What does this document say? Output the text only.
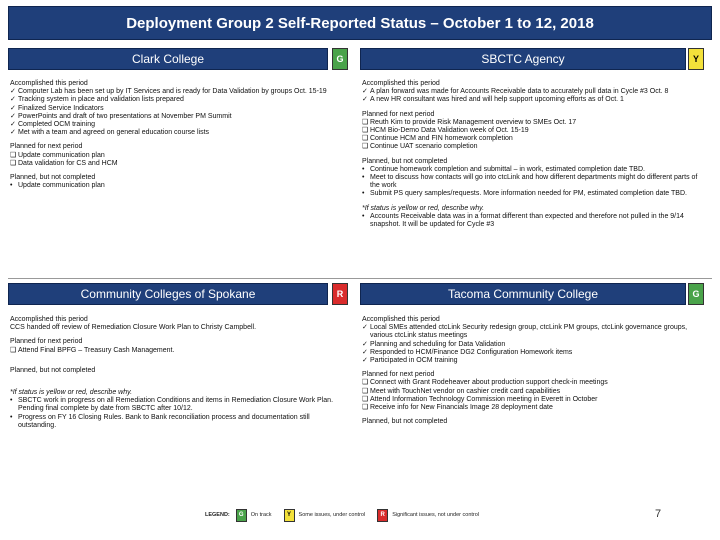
Deployment Group 2 Self-Reported Status – October 1 to 12, 2018
Clark College	G

Accomplished this period

✓ Computer Lab has been set up by IT Services and is ready for Data Validation by groups Oct. 15-19
✓ Tracking system in place and validation lists prepared
✓ Finalized Service Indicators
✓ PowerPoints and draft of two presentations at November PM Summit
✓ Completed OCM training
✓ Met with a team and agreed on general education course lists

Planned for next period

❑ Update communication plan
❑ Data validation for CS and HCM

Planned, but not completed

• Update communication plan
SBCTC Agency	Y

Accomplished this period

✓ A plan forward was made for Accounts Receivable data to accurately pull data in Cycle #3 Oct. 8
✓ A new HR consultant was hired and will help support upcoming efforts as of Oct. 1

Planned for next period

❑ Reuth Kim to provide Risk Management overview to SMEs Oct. 17
❑ HCM Bio-Demo Data Validation week of Oct. 15-19
❑ Continue HCM and FIN homework completion
❑ Continue UAT scenario completion

Planned, but not completed

• Continue homework completion and submittal – in work, estimated completion date TBD.
• Meet to discuss how contacts will go into ctcLink and how different departments might do different parts of the work
• Submit PS query samples/requests. More information needed for PM, estimated completion date TBD.

*If status is yellow or red, describe why.

• Accounts Receivable data was in a format different than expected and therefore not pulled in the 9/14 snapshot. It will be updated for Cycle #3
Community Colleges of Spokane	R

Accomplished this period

CCS handed off review of Remediation Closure Work Plan to Christy Campbell.

Planned for next period

❑ Attend Final BPFG – Treasury Cash Management.

Planned, but not completed

*If status is yellow or red, describe why.

• SBCTC work in progress on all Remediation Conditions and items in Remediation Closure Work Plan. Pending final complete by date from SBCTC after 10/12.
• Progress on FY 16 Closing Rules. Bank to Bank reconciliation process and documentation still outstanding.
Tacoma Community College	G

Accomplished this period

✓ Local SMEs attended ctcLink Security redesign group, ctcLink PM groups, ctcLink governance groups, various ctcLink status meetings
✓ Planning and scheduling for Data Validation
✓ Responded to HCM/Finance DG2 Configuration Homework items
✓ Participated in OCM training

Planned for next period

❑ Connect with Grant Rodeheaver about production support check-in meetings
❑ Meet with TouchNet vendor on cashier credit card capabilities
❑ Attend Information Technology Commission meeting in Everett in October
❑ Receive info for New Financials Image 28 deployment date

Planned, but not completed

LEGEND:	G	On track	Y	Some issues, under control	R	Significant issues, not under control	7
